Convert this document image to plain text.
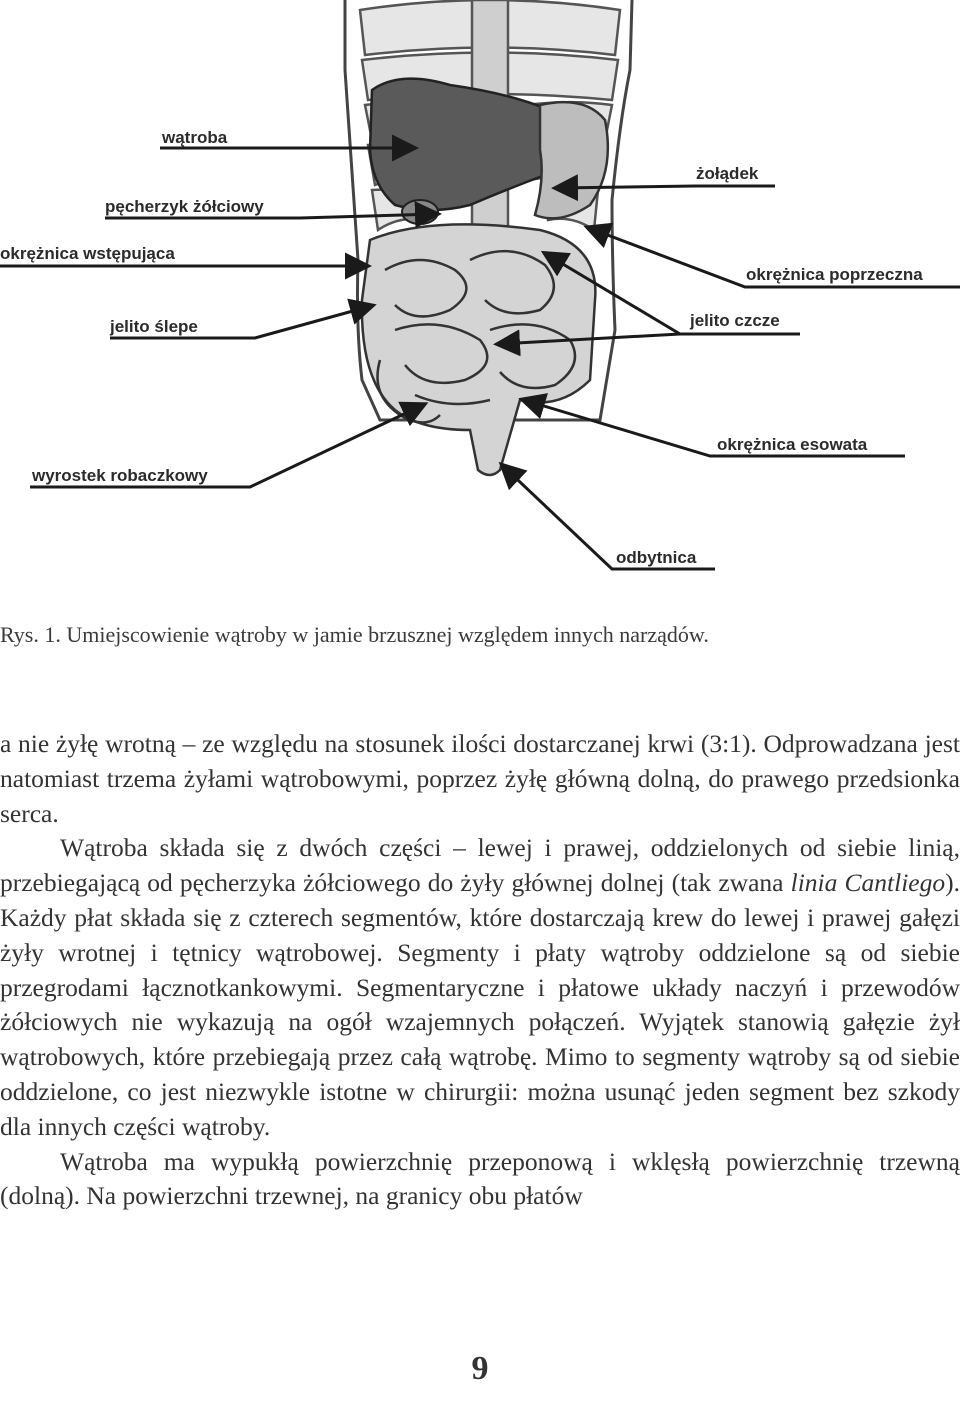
wątroba
pęcherzyk żółciowy
okrężnica wstępująca
jelito ślepe
wyrostek robaczkowy
żołądek
okrężnica poprzeczna
jelito czcze
okrężnica esowata
odbytnica
Rys. 1. Umiejscowienie wątroby w jamie brzusznej względem innych narządów.

a nie żyłę wrotną – ze względu na stosunek ilości dostarczanej krwi (3:1). Odprowadzana jest natomiast trzema żyłami wątrobowymi, poprzez żyłę główną dolną, do prawego przedsionka serca.

Wątroba składa się z dwóch części – lewej i prawej, oddzielonych od siebie linią, przebiegającą od pęcherzyka żółciowego do żyły głównej dolnej (tak zwana linia Cantliego). Każdy płat składa się z czterech segmentów, które dostarczają krew do lewej i prawej gałęzi żyły wrotnej i tętnicy wątrobowej. Segmenty i płaty wątroby oddzielone są od siebie przegrodami łącznotkankowymi. Segmentaryczne i płatowe układy naczyń i przewodów żółciowych nie wykazują na ogół wzajemnych połączeń. Wyjątek stanowią gałęzie żył wątrobowych, które przebiegają przez całą wątrobę. Mimo to segmenty wątroby są od siebie oddzielone, co jest niezwykle istotne w chirurgii: można usunąć jeden segment bez szkody dla innych części wątroby.

Wątroba ma wypukłą powierzchnię przeponową i wklęsłą powierzchnię trzewną (dolną). Na powierzchni trzewnej, na granicy obu płatów

9
